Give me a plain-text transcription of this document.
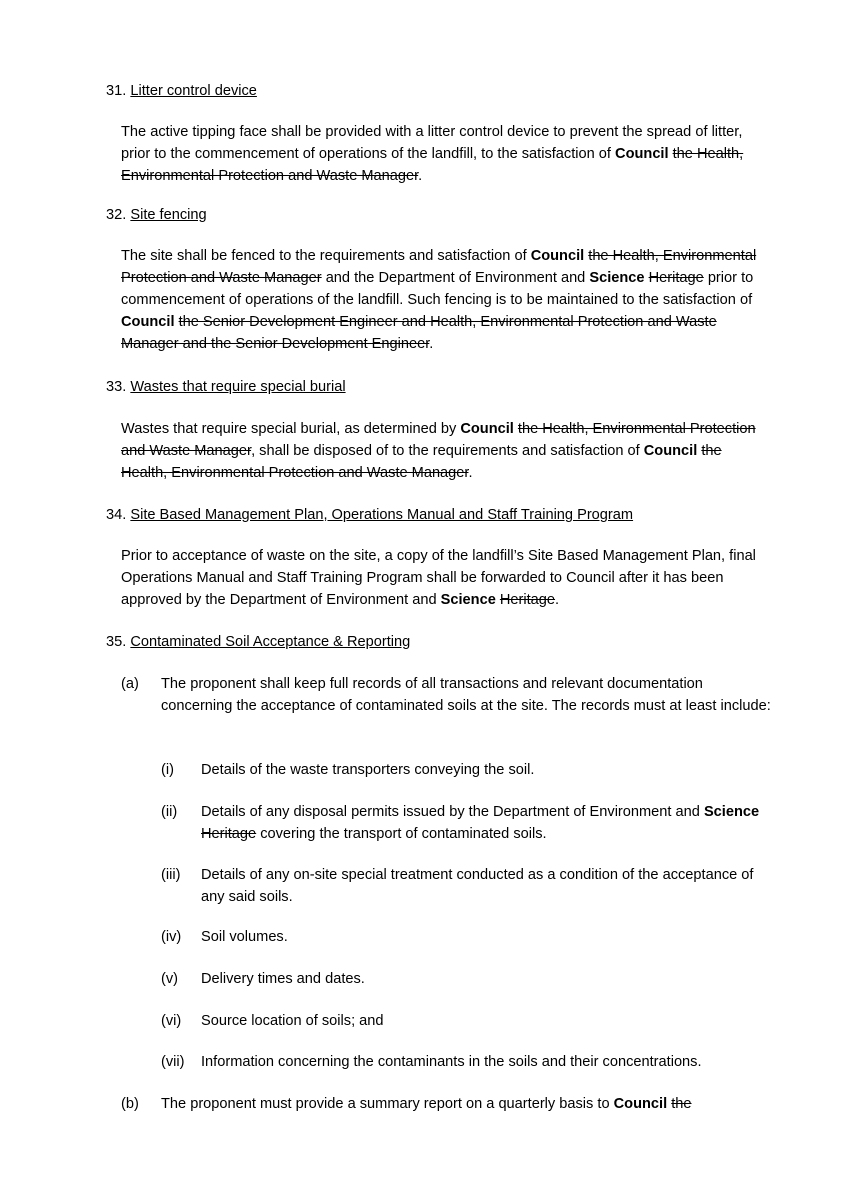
31. Litter control device
The active tipping face shall be provided with a litter control device to prevent the spread of litter, prior to the commencement of operations of the landfill, to the satisfaction of Council the Health, Environmental Protection and Waste Manager.
32. Site fencing
The site shall be fenced to the requirements and satisfaction of Council the Health, Environmental Protection and Waste Manager and the Department of Environment and Science Heritage prior to commencement of operations of the landfill. Such fencing is to be maintained to the satisfaction of Council the Senior Development Engineer and Health, Environmental Protection and Waste Manager and the Senior Development Engineer.
33. Wastes that require special burial
Wastes that require special burial, as determined by Council the Health, Environmental Protection and Waste Manager, shall be disposed of to the requirements and satisfaction of Council the Health, Environmental Protection and Waste Manager.
34. Site Based Management Plan, Operations Manual and Staff Training Program
Prior to acceptance of waste on the site, a copy of the landfill’s Site Based Management Plan, final Operations Manual and Staff Training Program shall be forwarded to Council after it has been approved by the Department of Environment and Science Heritage.
35. Contaminated Soil Acceptance & Reporting
(a) The proponent shall keep full records of all transactions and relevant documentation concerning the acceptance of contaminated soils at the site. The records must at least include:
(i) Details of the waste transporters conveying the soil.
(ii) Details of any disposal permits issued by the Department of Environment and Science Heritage covering the transport of contaminated soils.
(iii) Details of any on-site special treatment conducted as a condition of the acceptance of any said soils.
(iv) Soil volumes.
(v) Delivery times and dates.
(vi) Source location of soils; and
(vii) Information concerning the contaminants in the soils and their concentrations.
(b) The proponent must provide a summary report on a quarterly basis to Council the
